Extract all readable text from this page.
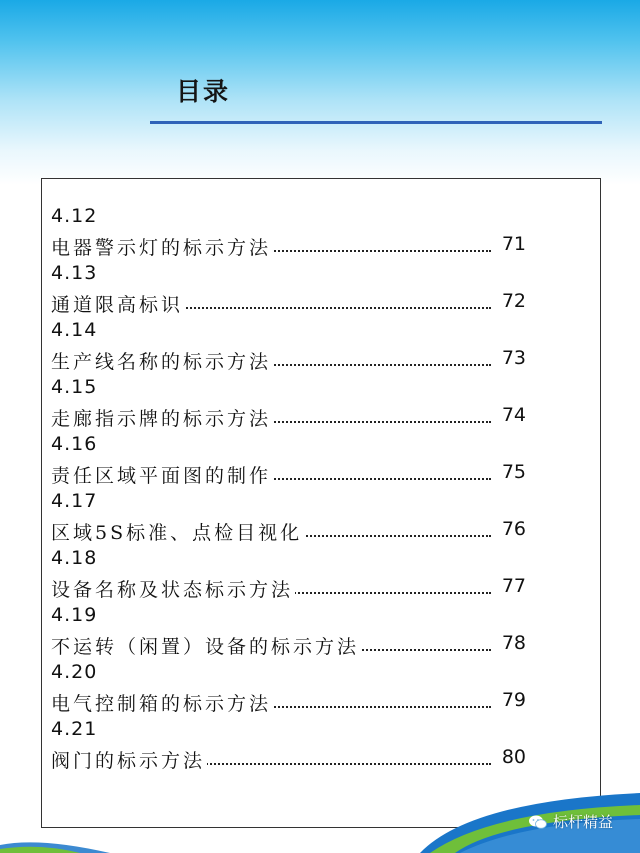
目录
4.12
电器警示灯的标示方法	71
4.13
通道限高标识	72
4.14
生产线名称的标示方法	73
4.15
走廊指示牌的标示方法	74
4.16
责任区域平面图的制作	75
4.17
区域5S标准、点检目视化	76
4.18
设备名称及状态标示方法	77
4.19
不运转（闲置）设备的标示方法	78
4.20
电气控制箱的标示方法	79
4.21
阀门的标示方法	80
标杆精益
